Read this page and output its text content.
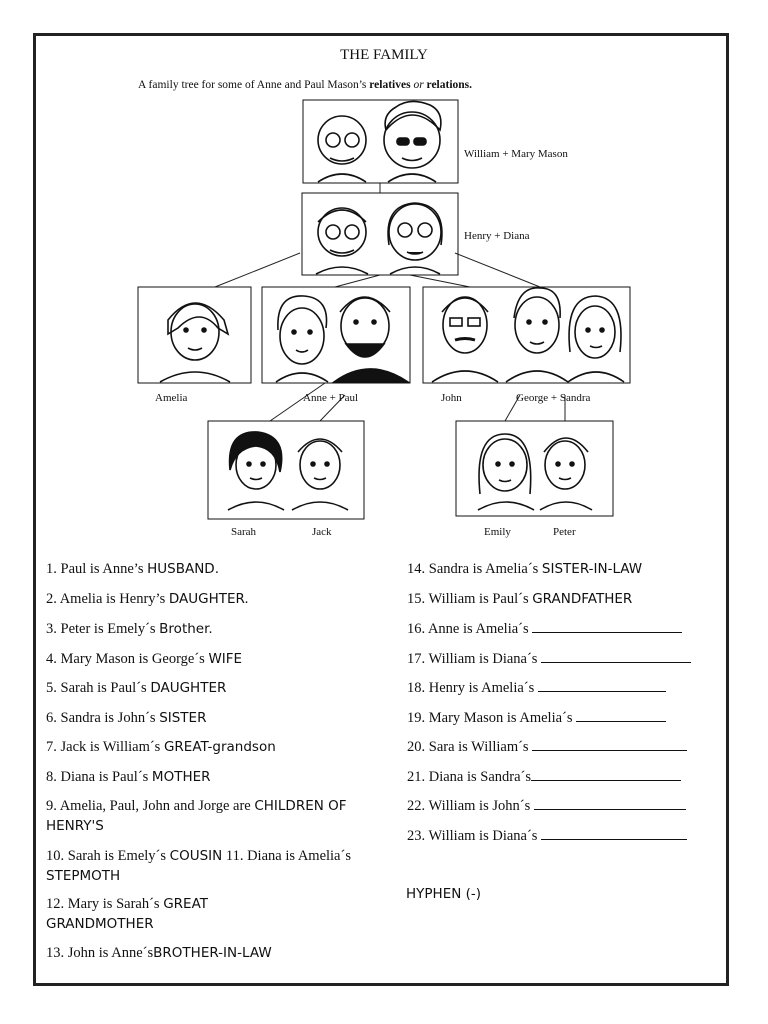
THE FAMILY
A family tree for some of Anne and Paul Mason’s relatives or relations.
William + Mary Mason
Henry + Diana
Amelia	Anne + Paul	John	George + Sandra
Sarah	Jack	Emily	Peter
1. Paul is Anne’s HUSBAND.
2. Amelia is Henry’s DAUGHTER.
3. Peter is Emely´s Brother.
4. Mary Mason is George´s WIFE
5. Sarah is Paul´s DAUGHTER
6. Sandra is John´s SISTER
7. Jack is William´s GREAT-grandson
8. Diana is Paul´s MOTHER
9. Amelia, Paul, John and Jorge are CHILDREN OF HENRY'S
10. Sarah is Emely´s COUSIN 11. Diana is Amelia´s STEPMOTH
12. Mary is Sarah´s GREAT GRANDMOTHER
13. John is Anne´sBROTHER-IN-LAW
14. Sandra is Amelia´s SISTER-IN-LAW
15. William is Paul´s GRANDFATHER
16. Anne is Amelia´s
17. William is Diana´s
18. Henry is Amelia´s
19. Mary Mason is Amelia´s
20. Sara is William´s
21. Diana is Sandra´s
22. William is John´s
23. William is Diana´s
HYPHEN (-)
